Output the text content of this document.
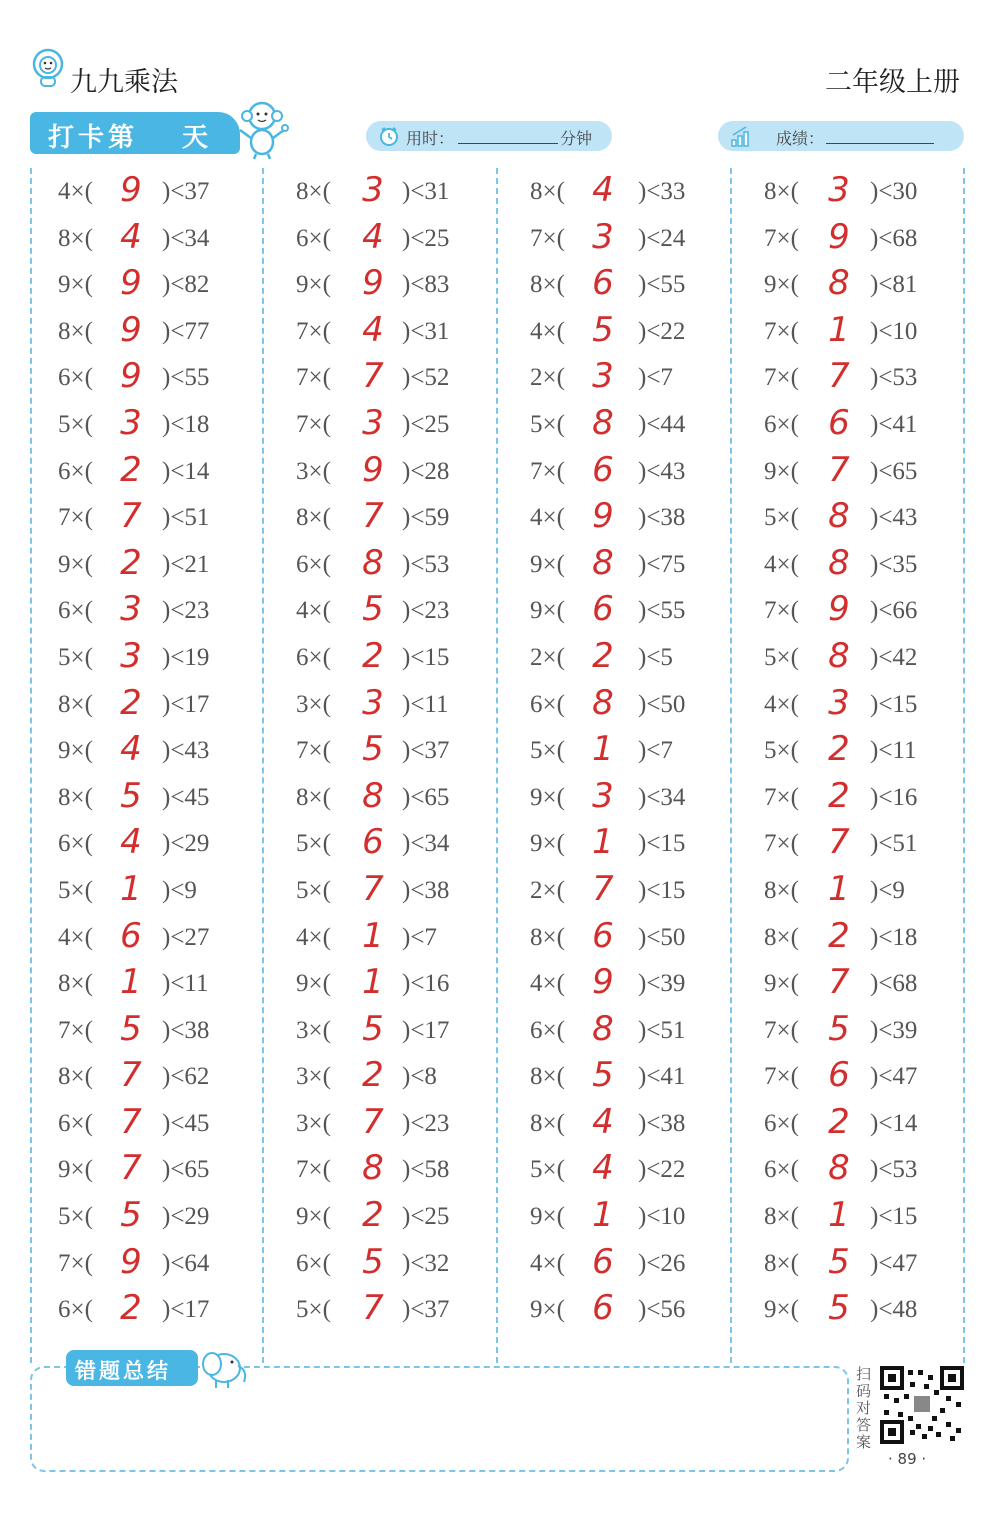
九九乘法	二年级上册
打卡第 天	用时：	分钟	成绩：
4×( 9 )<37
8×( 4 )<34
9×( 9 )<82
8×( 9 )<77
6×( 9 )<55
5×( 3 )<18
6×( 2 )<14
7×( 7 )<51
9×( 2 )<21
6×( 3 )<23
5×( 3 )<19
8×( 2 )<17
9×( 4 )<43
8×( 5 )<45
6×( 4 )<29
5×( 1 )<9
4×( 6 )<27
8×( 1 )<11
7×( 5 )<38
8×( 7 )<62
6×( 7 )<45
9×( 7 )<65
5×( 5 )<29
7×( 9 )<64
6×( 2 )<17
8×( 3 )<31
6×( 4 )<25
9×( 9 )<83
7×( 4 )<31
7×( 7 )<52
7×( 3 )<25
3×( 9 )<28
8×( 7 )<59
6×( 8 )<53
4×( 5 )<23
6×( 2 )<15
3×( 3 )<11
7×( 5 )<37
8×( 8 )<65
5×( 6 )<34
5×( 7 )<38
4×( 1 )<7
9×( 1 )<16
3×( 5 )<17
3×( 2 )<8
3×( 7 )<23
7×( 8 )<58
9×( 2 )<25
6×( 5 )<32
5×( 7 )<37
8×( 4 )<33
7×( 3 )<24
8×( 6 )<55
4×( 5 )<22
2×( 3 )<7
5×( 8 )<44
7×( 6 )<43
4×( 9 )<38
9×( 8 )<75
9×( 6 )<55
2×( 2 )<5
6×( 8 )<50
5×( 1 )<7
9×( 3 )<34
9×( 1 )<15
2×( 7 )<15
8×( 6 )<50
4×( 9 )<39
6×( 8 )<51
8×( 5 )<41
8×( 4 )<38
5×( 4 )<22
9×( 1 )<10
4×( 6 )<26
9×( 6 )<56
8×( 3 )<30
7×( 9 )<68
9×( 8 )<81
7×( 1 )<10
7×( 7 )<53
6×( 6 )<41
9×( 7 )<65
5×( 8 )<43
4×( 8 )<35
7×( 9 )<66
5×( 8 )<42
4×( 3 )<15
5×( 2 )<11
7×( 2 )<16
7×( 7 )<51
8×( 1 )<9
8×( 2 )<18
9×( 7 )<68
7×( 5 )<39
7×( 6 )<47
6×( 2 )<14
6×( 8 )<53
8×( 1 )<15
8×( 5 )<47
9×( 5 )<48
错题总结	扫
码
对
答
案
· 89 ·
